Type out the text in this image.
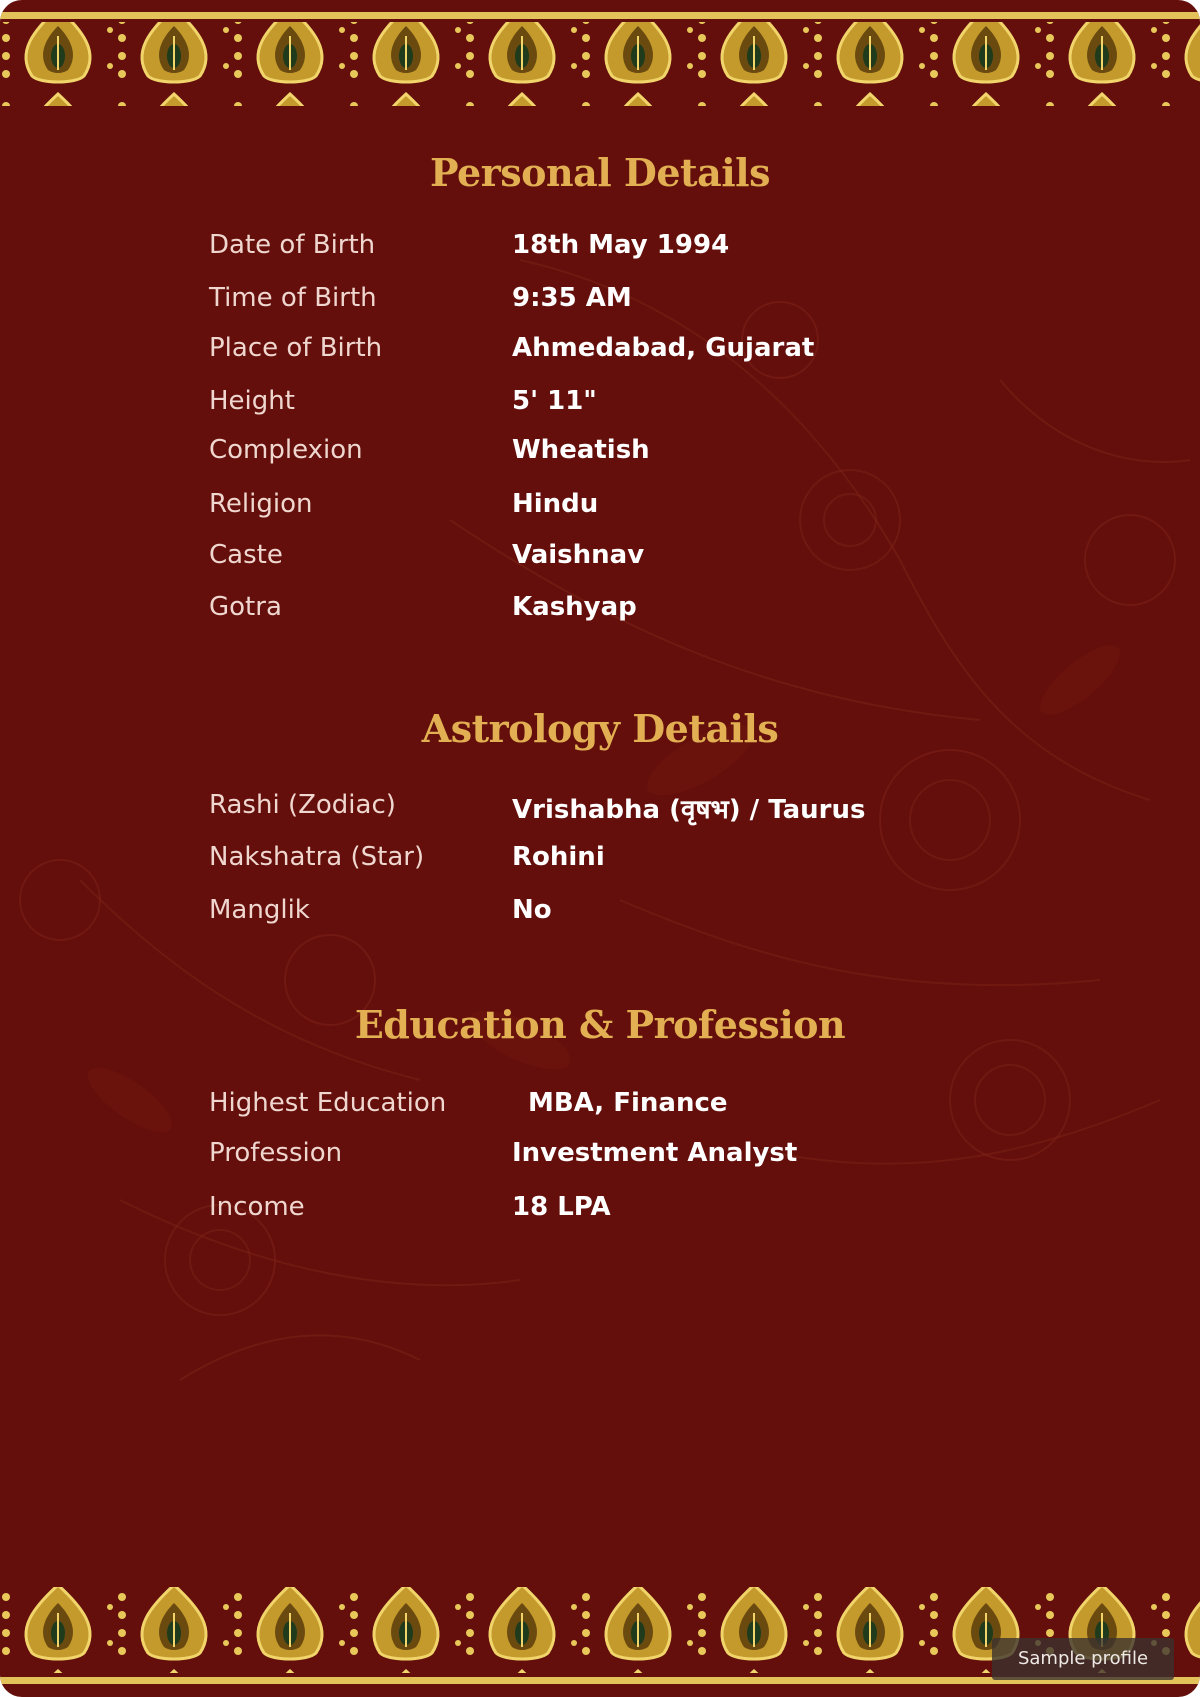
Personal Details
Date of Birth	18th May 1994
Time of Birth	9:35 AM
Place of Birth	Ahmedabad, Gujarat
Height	5' 11"
Complexion	Wheatish
Religion	Hindu
Caste	Vaishnav
Gotra	Kashyap
Astrology Details
Rashi (Zodiac)	Vrishabha (वृषभ) / Taurus
Nakshatra (Star)	Rohini
Manglik	No
Education & Profession
Highest Education	MBA, Finance
Profession	Investment Analyst
Income	18 LPA
Sample profile
